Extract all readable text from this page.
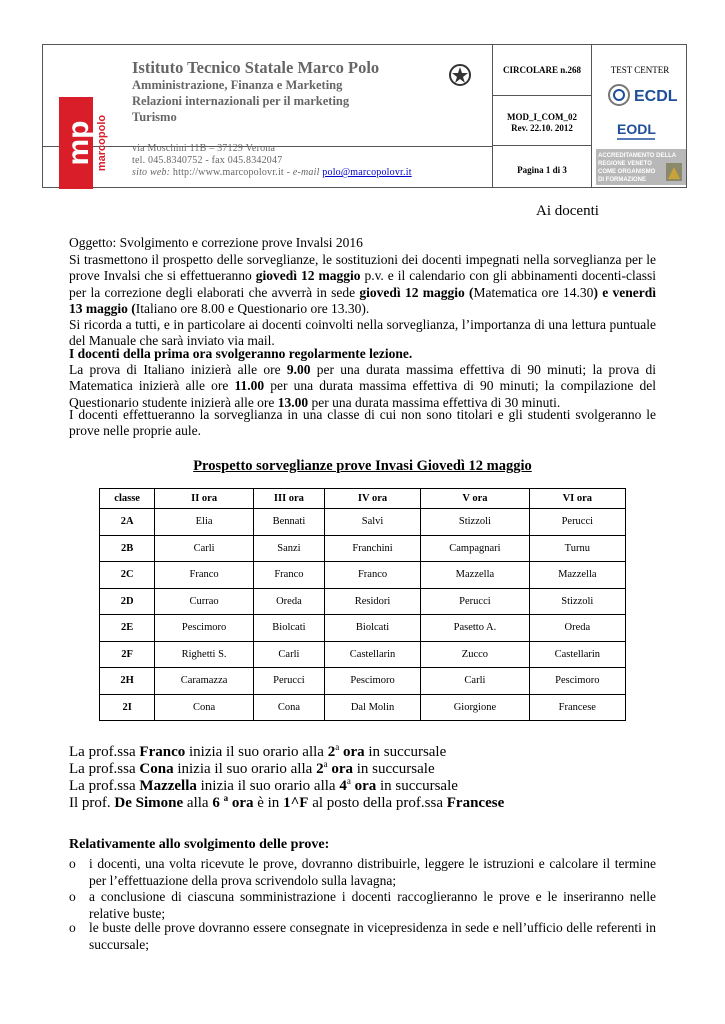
mp marcopolo
Istituto Tecnico Statale Marco Polo
Amministrazione, Finanza e Marketing
Relazioni internazionali per il marketing
Turismo
via Moschini 11B – 37129 Verona
tel. 045.8340752 - fax 045.8342047
sito web: http://www.marcopolovr.it - e-mail polo@marcopolovr.it
CIRCOLARE n.268
MOD_I_COM_02
Rev. 22.10. 2012
Pagina 1 di 3
TEST CENTER
ECDL
EODL
ACCREDITAMENTO DELLA
REGIONE VENETO
COME ORGANISMO
DI FORMAZIONE
Ai docenti
Oggetto: Svolgimento e correzione prove Invalsi 2016
Si trasmettono il prospetto delle sorveglianze, le sostituzioni dei docenti impegnati nella sorveglianza per le prove Invalsi che si effettueranno giovedì 12 maggio p.v. e il calendario con gli abbinamenti docenti-classi per la correzione degli elaborati che avverrà in sede giovedì 12 maggio (Matematica ore 14.30) e venerdì 13 maggio (Italiano ore 8.00 e Questionario ore 13.30).
Si ricorda a tutti, e in particolare ai docenti coinvolti nella sorveglianza, l’importanza di una lettura puntuale del Manuale che sarà inviato via mail.
I docenti della prima ora svolgeranno regolarmente lezione.
La prova di Italiano inizierà alle ore 9.00 per una durata massima effettiva di 90 minuti; la prova di Matematica inizierà alle ore 11.00 per una durata massima effettiva di 90 minuti; la compilazione del Questionario studente inizierà alle ore 13.00 per una durata massima effettiva di 30 minuti.
I docenti effettueranno la sorveglianza in una classe di cui non sono titolari e gli studenti svolgeranno le prove nelle proprie aule.
Prospetto sorveglianze prove Invasi Giovedì 12 maggio
classe	II ora	III ora	IV ora	V ora	VI ora
2A	Elia	Bennati	Salvi	Stizzoli	Perucci
2B	Carli	Sanzi	Franchini	Campagnari	Turnu
2C	Franco	Franco	Franco	Mazzella	Mazzella
2D	Currao	Oreda	Residori	Perucci	Stizzoli
2E	Pescimoro	Biolcati	Biolcati	Pasetto A.	Oreda
2F	Righetti S.	Carli	Castellarin	Zucco	Castellarin
2H	Caramazza	Perucci	Pescimoro	Carli	Pescimoro
2I	Cona	Cona	Dal Molin	Giorgione	Francese
La prof.ssa Franco inizia il suo orario alla 2$^a$ ora in succursale
La prof.ssa Cona inizia il suo orario alla 2$^a$ ora in succursale
La prof.ssa Mazzella inizia il suo orario alla 4$^a$ ora in succursale
Il prof. De Simone alla 6 $^a$ ora è in 1^F al posto della prof.ssa Francese
Relativamente allo svolgimento delle prove:
o i docenti, una volta ricevute le prove, dovranno distribuirle, leggere le istruzioni e calcolare il termine per l’effettuazione della prova scrivendolo sulla lavagna;
o a conclusione di ciascuna somministrazione i docenti raccoglieranno le prove e le inseriranno nelle relative buste;
o le buste delle prove dovranno essere consegnate in vicepresidenza in sede e nell’ufficio delle referenti in succursale;
